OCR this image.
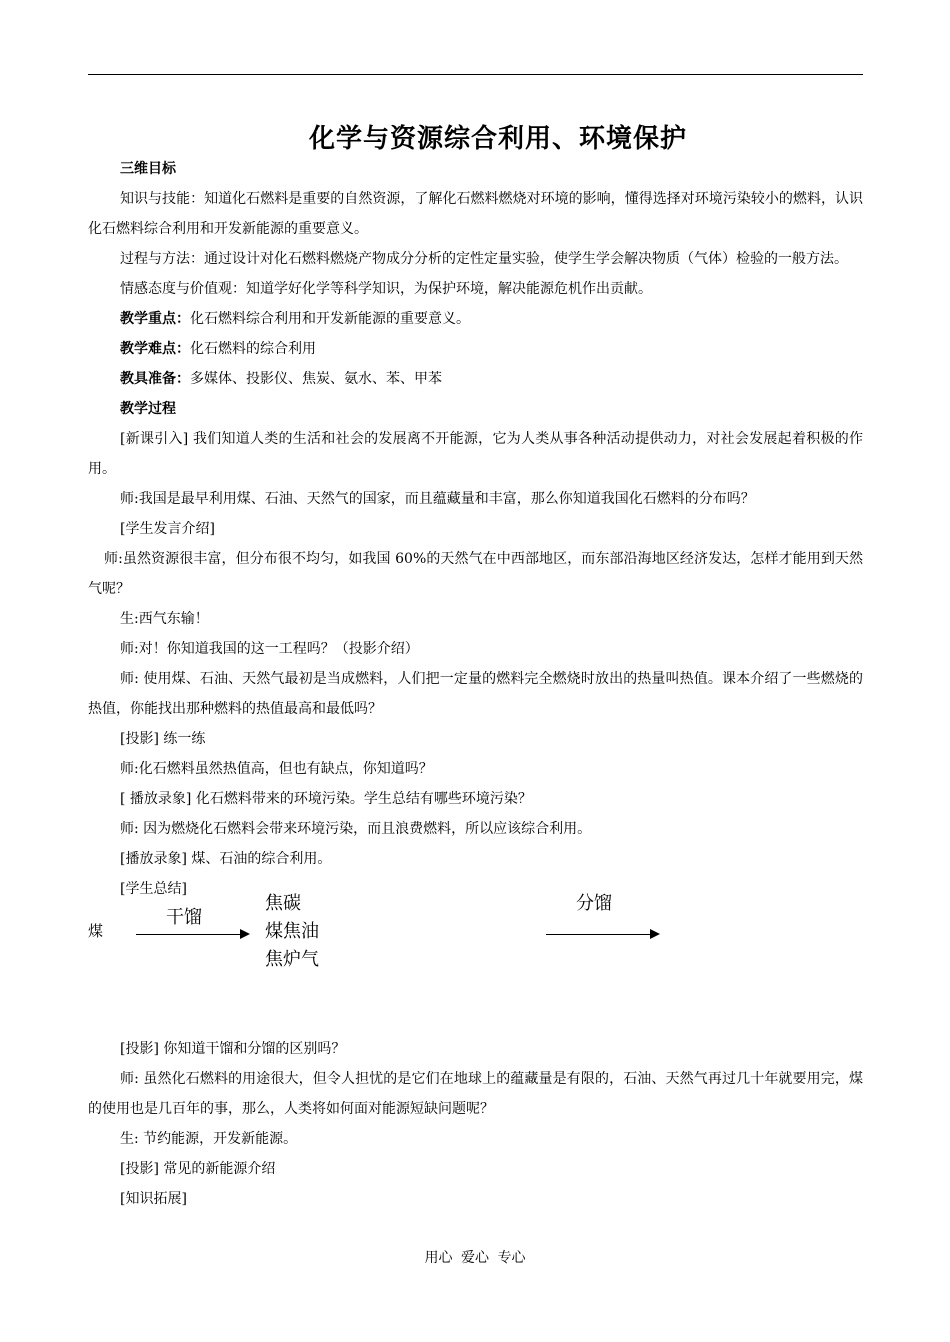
化学与资源综合利用、环境保护

三维目标

知识与技能：知道化石燃料是重要的自然资源，了解化石燃料燃烧对环境的影响，懂得选择对环境污染较小的燃料，认识化石燃料综合利用和开发新能源的重要意义。

过程与方法：通过设计对化石燃料燃烧产物成分分析的定性定量实验，使学生学会解决物质（气体）检验的一般方法。

情感态度与价值观：知道学好化学等科学知识，为保护环境，解决能源危机作出贡献。

教学重点：化石燃料综合利用和开发新能源的重要意义。

教学难点：化石燃料的综合利用

教具准备：多媒体、投影仪、焦炭、氨水、苯、甲苯

教学过程

[新课引入] 我们知道人类的生活和社会的发展离不开能源，它为人类从事各种活动提供动力，对社会发展起着积极的作用。

师:我国是最早利用煤、石油、天然气的国家，而且蕴藏量和丰富，那么你知道我国化石燃料的分布吗？

[学生发言介绍]

师:虽然资源很丰富，但分布很不均匀，如我国 60%的天然气在中西部地区，而东部沿海地区经济发达，怎样才能用到天然气呢？

生:西气东输！

师:对！你知道我国的这一工程吗？（投影介绍）

师: 使用煤、石油、天然气最初是当成燃料，人们把一定量的燃料完全燃烧时放出的热量叫热值。课本介绍了一些燃烧的热值，你能找出那种燃料的热值最高和最低吗？

[投影] 练一练

师:化石燃料虽然热值高，但也有缺点，你知道吗？

[ 播放录象] 化石燃料带来的环境污染。学生总结有哪些环境污染？

师: 因为燃烧化石燃料会带来环境污染，而且浪费燃料，所以应该综合利用。

[播放录象] 煤、石油的综合利用。

[学生总结]

煤
干馏
焦碳
煤焦油
焦炉气
分馏

[投影] 你知道干馏和分馏的区别吗？

师: 虽然化石燃料的用途很大，但令人担忧的是它们在地球上的蕴藏量是有限的，石油、天然气再过几十年就要用完，煤的使用也是几百年的事，那么，人类将如何面对能源短缺问题呢？

生: 节约能源，开发新能源。

[投影] 常见的新能源介绍

[知识拓展]

用心 爱心 专心
